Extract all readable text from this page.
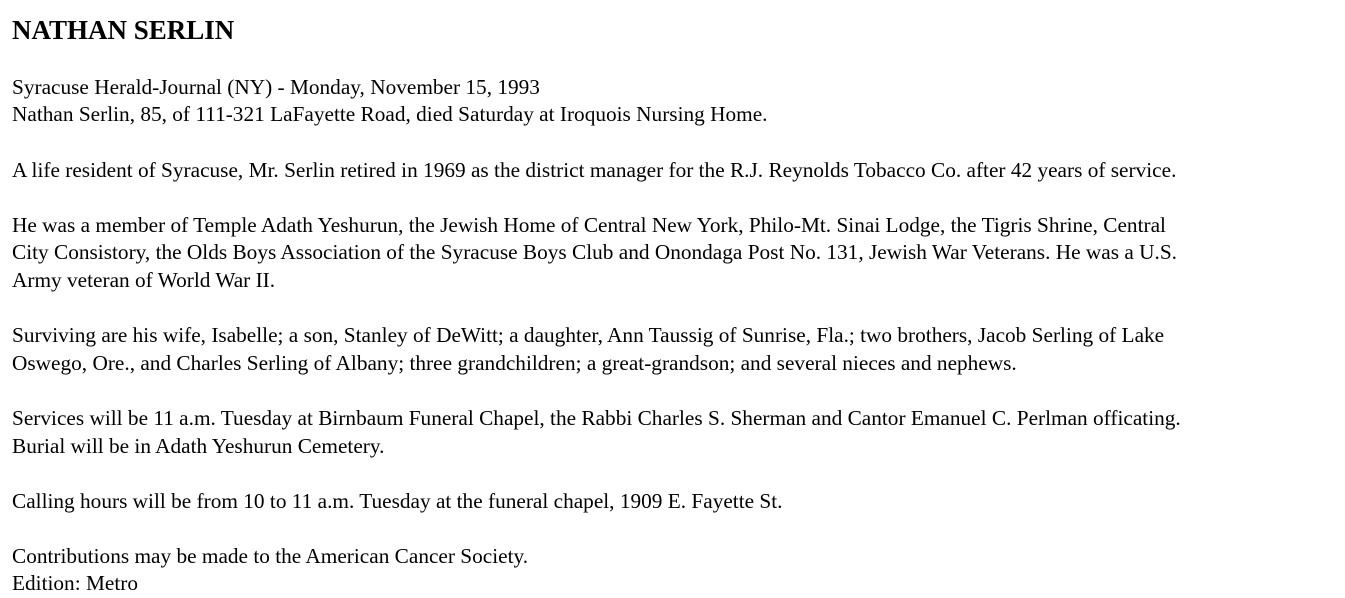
NATHAN SERLIN

Syracuse Herald-Journal (NY) - Monday, November 15, 1993

Nathan Serlin, 85, of 111-321 LaFayette Road, died Saturday at Iroquois Nursing Home.

A life resident of Syracuse, Mr. Serlin retired in 1969 as the district manager for the R.J. Reynolds Tobacco Co. after 42 years of service.

He was a member of Temple Adath Yeshurun, the Jewish Home of Central New York, Philo-Mt. Sinai Lodge, the Tigris Shrine, Central

City Consistory, the Olds Boys Association of the Syracuse Boys Club and Onondaga Post No. 131, Jewish War Veterans. He was a U.S.

Army veteran of World War II.

Surviving are his wife, Isabelle; a son, Stanley of DeWitt; a daughter, Ann Taussig of Sunrise, Fla.; two brothers, Jacob Serling of Lake

Oswego, Ore., and Charles Serling of Albany; three grandchildren; a great-grandson; and several nieces and nephews.

Services will be 11 a.m. Tuesday at Birnbaum Funeral Chapel, the Rabbi Charles S. Sherman and Cantor Emanuel C. Perlman officating.

Burial will be in Adath Yeshurun Cemetery.

Calling hours will be from 10 to 11 a.m. Tuesday at the funeral chapel, 1909 E. Fayette St.

Contributions may be made to the American Cancer Society.

Edition: Metro
